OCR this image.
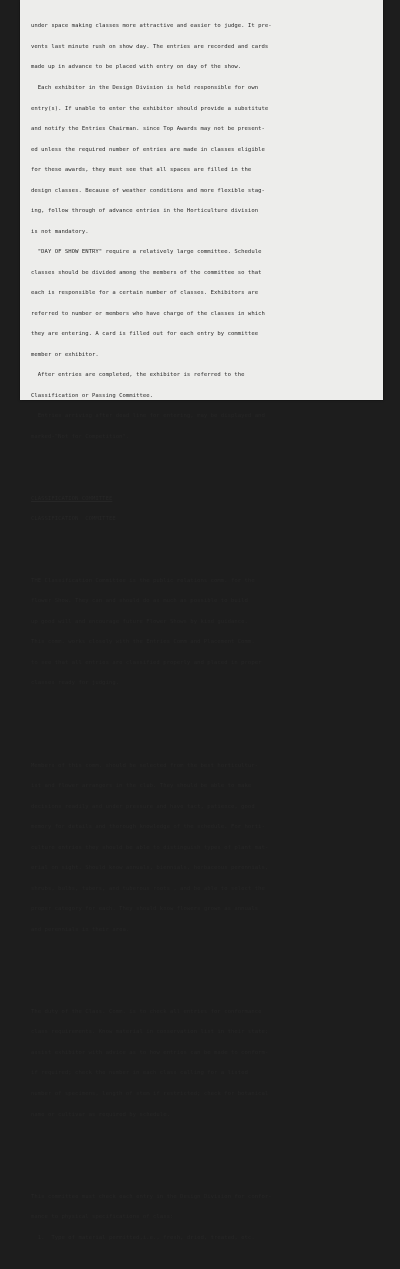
under space making classes more attractive and easier to judge. It pre-

vents last minute rush on show day. The entries are recorded and cards

made up in advance to be placed with entry on day of the show.

Each exhibitor in the Design Division is held responsible for own

entry(s). If unable to enter the exhibitor should provide a substitute

and notify the Entries Chairman. since Top Awards may not be present-

ed unless the required number of entries are made in classes eligible

for these awards, they must see that all spaces are filled in the

design classes. Because of weather conditions and more flexible stag-

ing, follow through of advance entries in the Horticulture division

is not mandatory.

"DAY OF SHOW ENTRY" require a relatively large committee. Schedule

classes should be divided among the members of the committee so that

each is responsible for a certain number of classes. Exhibitors are

referred to number or members who have charge of the classes in which

they are entering. A card is filled out for each entry by committee

member or exhibitor.

After entries are completed, the exhibitor is referred to the

Classification or Passing Committee.

Entries arriving after dead line for entering, may be displayed and

marked-"Not for Competition".

CLASSIFICATION COMMITTEE

CLASSIFICATION  COMMITTEE

THE Classification Committee is the public relations comm. for the

flower Show. They can and should do as much as possible to build

up good will and encourage future Flower Shows by kind guidance.

This comm. works closely with the Entries Comm and Placement Comm.

to see that all entries are classified properly and placed in proper

classes ready for judging.

Members of this comm. should be selected from the best horticultur-

ist and flower arrangers in the club. They should be able to make

decisions readily and under pressure and have tact, patience, good

memory for details and thorough knowledge of the schedule. For horti-

culture entries they should be able to distinguish types of plant mat-

erial on sight. Should know annuals, biennials, herbaceous perennials,

shrubs, bulbs, tubers, and tuberous roots , and be able to select the

proper category for each. They should know flowers grown as annuals

and perennials in their area.

The duty of the Class. Comm. is to check all entries for conformance

class requirements. Know material in conservation list in their state;

assist exhibitor with advice as to how entries can be made to conform-

if required; check the number in each class calling for a listed

number of specimens, length of stem if restricted; check for botanical

name or cultivar as required by schedule.

This committee must check each entry in the Design Division for confor-

mance to physical specifications of class:

1.  Type of material permitted,i.e., fresh, dried, treated, etc.
